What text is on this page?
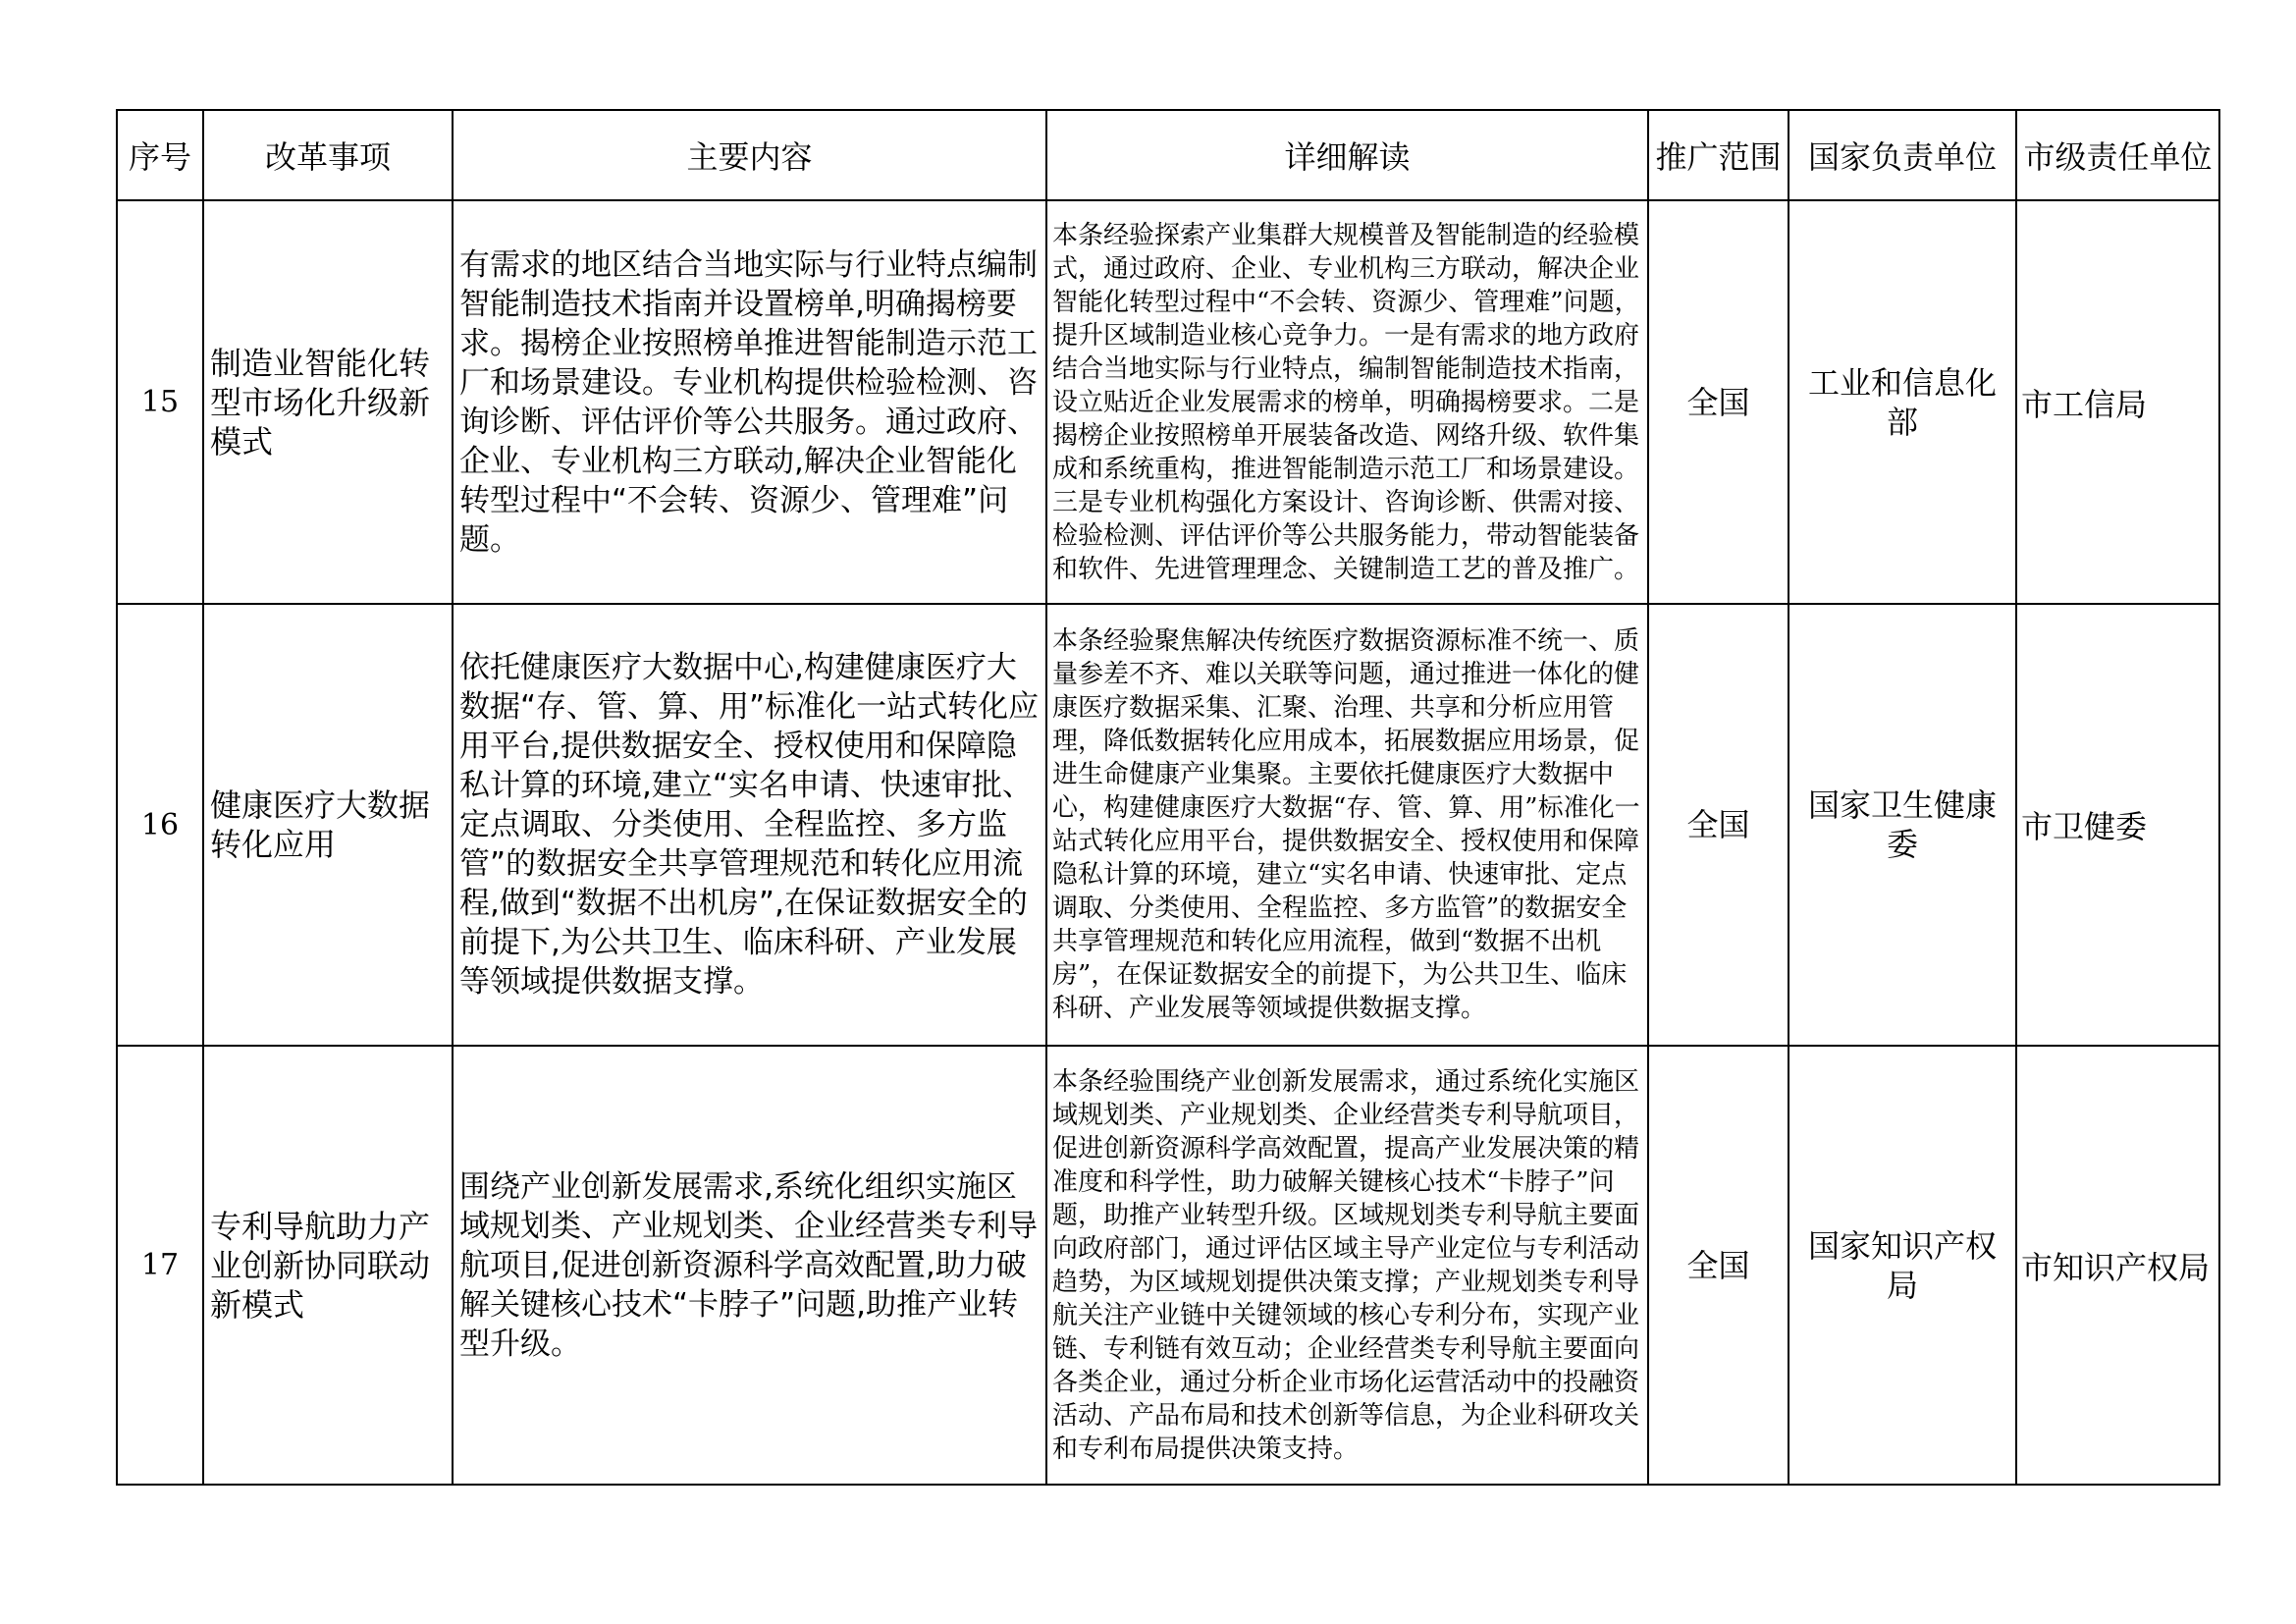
序号	改革事项	主要内容	详细解读	推广范围	国家负责单位	市级责任单位
15	制造业智能化转型市场化升级新模式	有需求的地区结合当地实际与行业特点编制智能制造技术指南并设置榜单,明确揭榜要求。揭榜企业按照榜单推进智能制造示范工厂和场景建设。专业机构提供检验检测、咨询诊断、评估评价等公共服务。通过政府、企业、专业机构三方联动,解决企业智能化转型过程中“不会转、资源少、管理难”问题。	本条经验探索产业集群大规模普及智能制造的经验模式，通过政府、企业、专业机构三方联动，解决企业智能化转型过程中“不会转、资源少、管理难”问题，提升区域制造业核心竞争力。一是有需求的地方政府结合当地实际与行业特点，编制智能制造技术指南，设立贴近企业发展需求的榜单，明确揭榜要求。二是揭榜企业按照榜单开展装备改造、网络升级、软件集成和系统重构，推进智能制造示范工厂和场景建设。三是专业机构强化方案设计、咨询诊断、供需对接、检验检测、评估评价等公共服务能力，带动智能装备和软件、先进管理理念、关键制造工艺的普及推广。	全国	工业和信息化部	市工信局
16	健康医疗大数据转化应用	依托健康医疗大数据中心,构建健康医疗大数据“存、管、算、用”标准化一站式转化应用平台,提供数据安全、授权使用和保障隐私计算的环境,建立“实名申请、快速审批、定点调取、分类使用、全程监控、多方监管”的数据安全共享管理规范和转化应用流程,做到“数据不出机房”,在保证数据安全的前提下,为公共卫生、临床科研、产业发展等领域提供数据支撑。	本条经验聚焦解决传统医疗数据资源标准不统一、质量参差不齐、难以关联等问题，通过推进一体化的健康医疗数据采集、汇聚、治理、共享和分析应用管理，降低数据转化应用成本，拓展数据应用场景，促进生命健康产业集聚。主要依托健康医疗大数据中心，构建健康医疗大数据“存、管、算、用”标准化一站式转化应用平台，提供数据安全、授权使用和保障隐私计算的环境，建立“实名申请、快速审批、定点调取、分类使用、全程监控、多方监管”的数据安全共享管理规范和转化应用流程，做到“数据不出机房”，在保证数据安全的前提下，为公共卫生、临床科研、产业发展等领域提供数据支撑。	全国	国家卫生健康委	市卫健委
17	专利导航助力产业创新协同联动新模式	围绕产业创新发展需求,系统化组织实施区域规划类、产业规划类、企业经营类专利导航项目,促进创新资源科学高效配置,助力破解关键核心技术“卡脖子”问题,助推产业转型升级。	本条经验围绕产业创新发展需求，通过系统化实施区域规划类、产业规划类、企业经营类专利导航项目，促进创新资源科学高效配置，提高产业发展决策的精准度和科学性，助力破解关键核心技术“卡脖子”问题，助推产业转型升级。区域规划类专利导航主要面向政府部门，通过评估区域主导产业定位与专利活动趋势，为区域规划提供决策支撑；产业规划类专利导航关注产业链中关键领域的核心专利分布，实现产业链、专利链有效互动；企业经营类专利导航主要面向各类企业，通过分析企业市场化运营活动中的投融资活动、产品布局和技术创新等信息，为企业科研攻关和专利布局提供决策支持。	全国	国家知识产权局	市知识产权局
